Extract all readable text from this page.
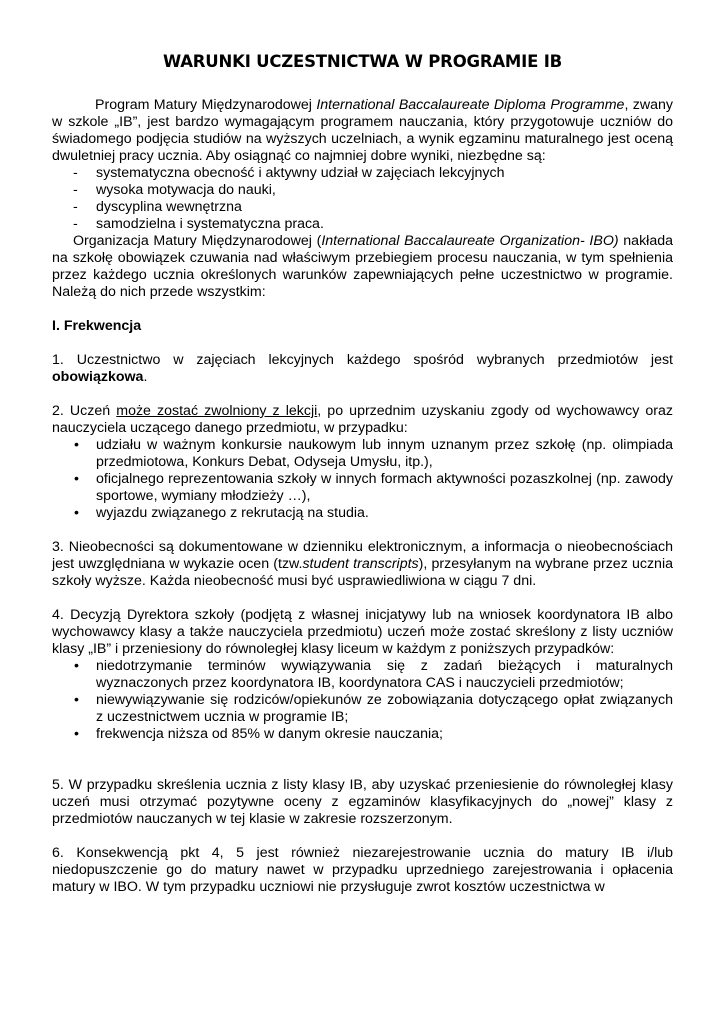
WARUNKI UCZESTNICTWA W PROGRAMIE IB

Program Matury Międzynarodowej International Baccalaureate Diploma Programme, zwany w szkole „IB”, jest bardzo wymagającym programem nauczania, który przygotowuje uczniów do świadomego podjęcia studiów na wyższych uczelniach, a wynik egzaminu maturalnego jest oceną dwuletniej pracy ucznia. Aby osiągnąć co najmniej dobre wyniki, niezbędne są:

- systematyczna obecność i aktywny udział w zajęciach lekcyjnych
- wysoka motywacja do nauki,
- dyscyplina wewnętrzna
- samodzielna i systematyczna praca.

Organizacja Matury Międzynarodowej (International Baccalaureate Organization- IBO) nakłada na szkołę obowiązek czuwania nad właściwym przebiegiem procesu nauczania, w tym spełnienia przez każdego ucznia określonych warunków zapewniających pełne uczestnictwo w programie. Należą do nich przede wszystkim:

I. Frekwencja

1. Uczestnictwo w zajęciach lekcyjnych każdego spośród wybranych przedmiotów jest obowiązkowa.

2. Uczeń może zostać zwolniony z lekcji, po uprzednim uzyskaniu zgody od wychowawcy oraz nauczyciela uczącego danego przedmiotu, w przypadku:

• udziału w ważnym konkursie naukowym lub innym uznanym przez szkołę (np. olimpiada przedmiotowa, Konkurs Debat, Odyseja Umysłu, itp.),
• oficjalnego reprezentowania szkoły w innych formach aktywności pozaszkolnej (np. zawody sportowe, wymiany młodzieży …),
• wyjazdu związanego z rekrutacją na studia.

3. Nieobecności są dokumentowane w dzienniku elektronicznym, a informacja o nieobecnościach jest uwzględniana w wykazie ocen (tzw.student transcripts), przesyłanym na wybrane przez ucznia szkoły wyższe. Każda nieobecność musi być usprawiedliwiona w ciągu 7 dni.

4. Decyzją Dyrektora szkoły (podjętą z własnej inicjatywy lub na wniosek koordynatora IB albo wychowawcy klasy a także nauczyciela przedmiotu) uczeń może zostać skreślony z listy uczniów klasy „IB” i przeniesiony do równoległej klasy liceum w każdym z poniższych przypadków:

• niedotrzymanie terminów wywiązywania się z zadań bieżących i maturalnych wyznaczonych przez koordynatora IB, koordynatora CAS i nauczycieli przedmiotów;
• niewywiązywanie się rodziców/opiekunów ze zobowiązania dotyczącego opłat związanych z uczestnictwem ucznia w programie IB;
• frekwencja niższa od 85% w danym okresie nauczania;

5. W przypadku skreślenia ucznia z listy klasy IB, aby uzyskać przeniesienie do równoległej klasy uczeń musi otrzymać pozytywne oceny z egzaminów klasyfikacyjnych do „nowej” klasy z przedmiotów nauczanych w tej klasie w zakresie rozszerzonym.

6. Konsekwencją pkt 4, 5 jest również niezarejestrowanie ucznia do matury IB i/lub niedopuszczenie go do matury nawet w przypadku uprzedniego zarejestrowania i opłacenia matury w IBO. W tym przypadku uczniowi nie przysługuje zwrot kosztów uczestnictwa w
